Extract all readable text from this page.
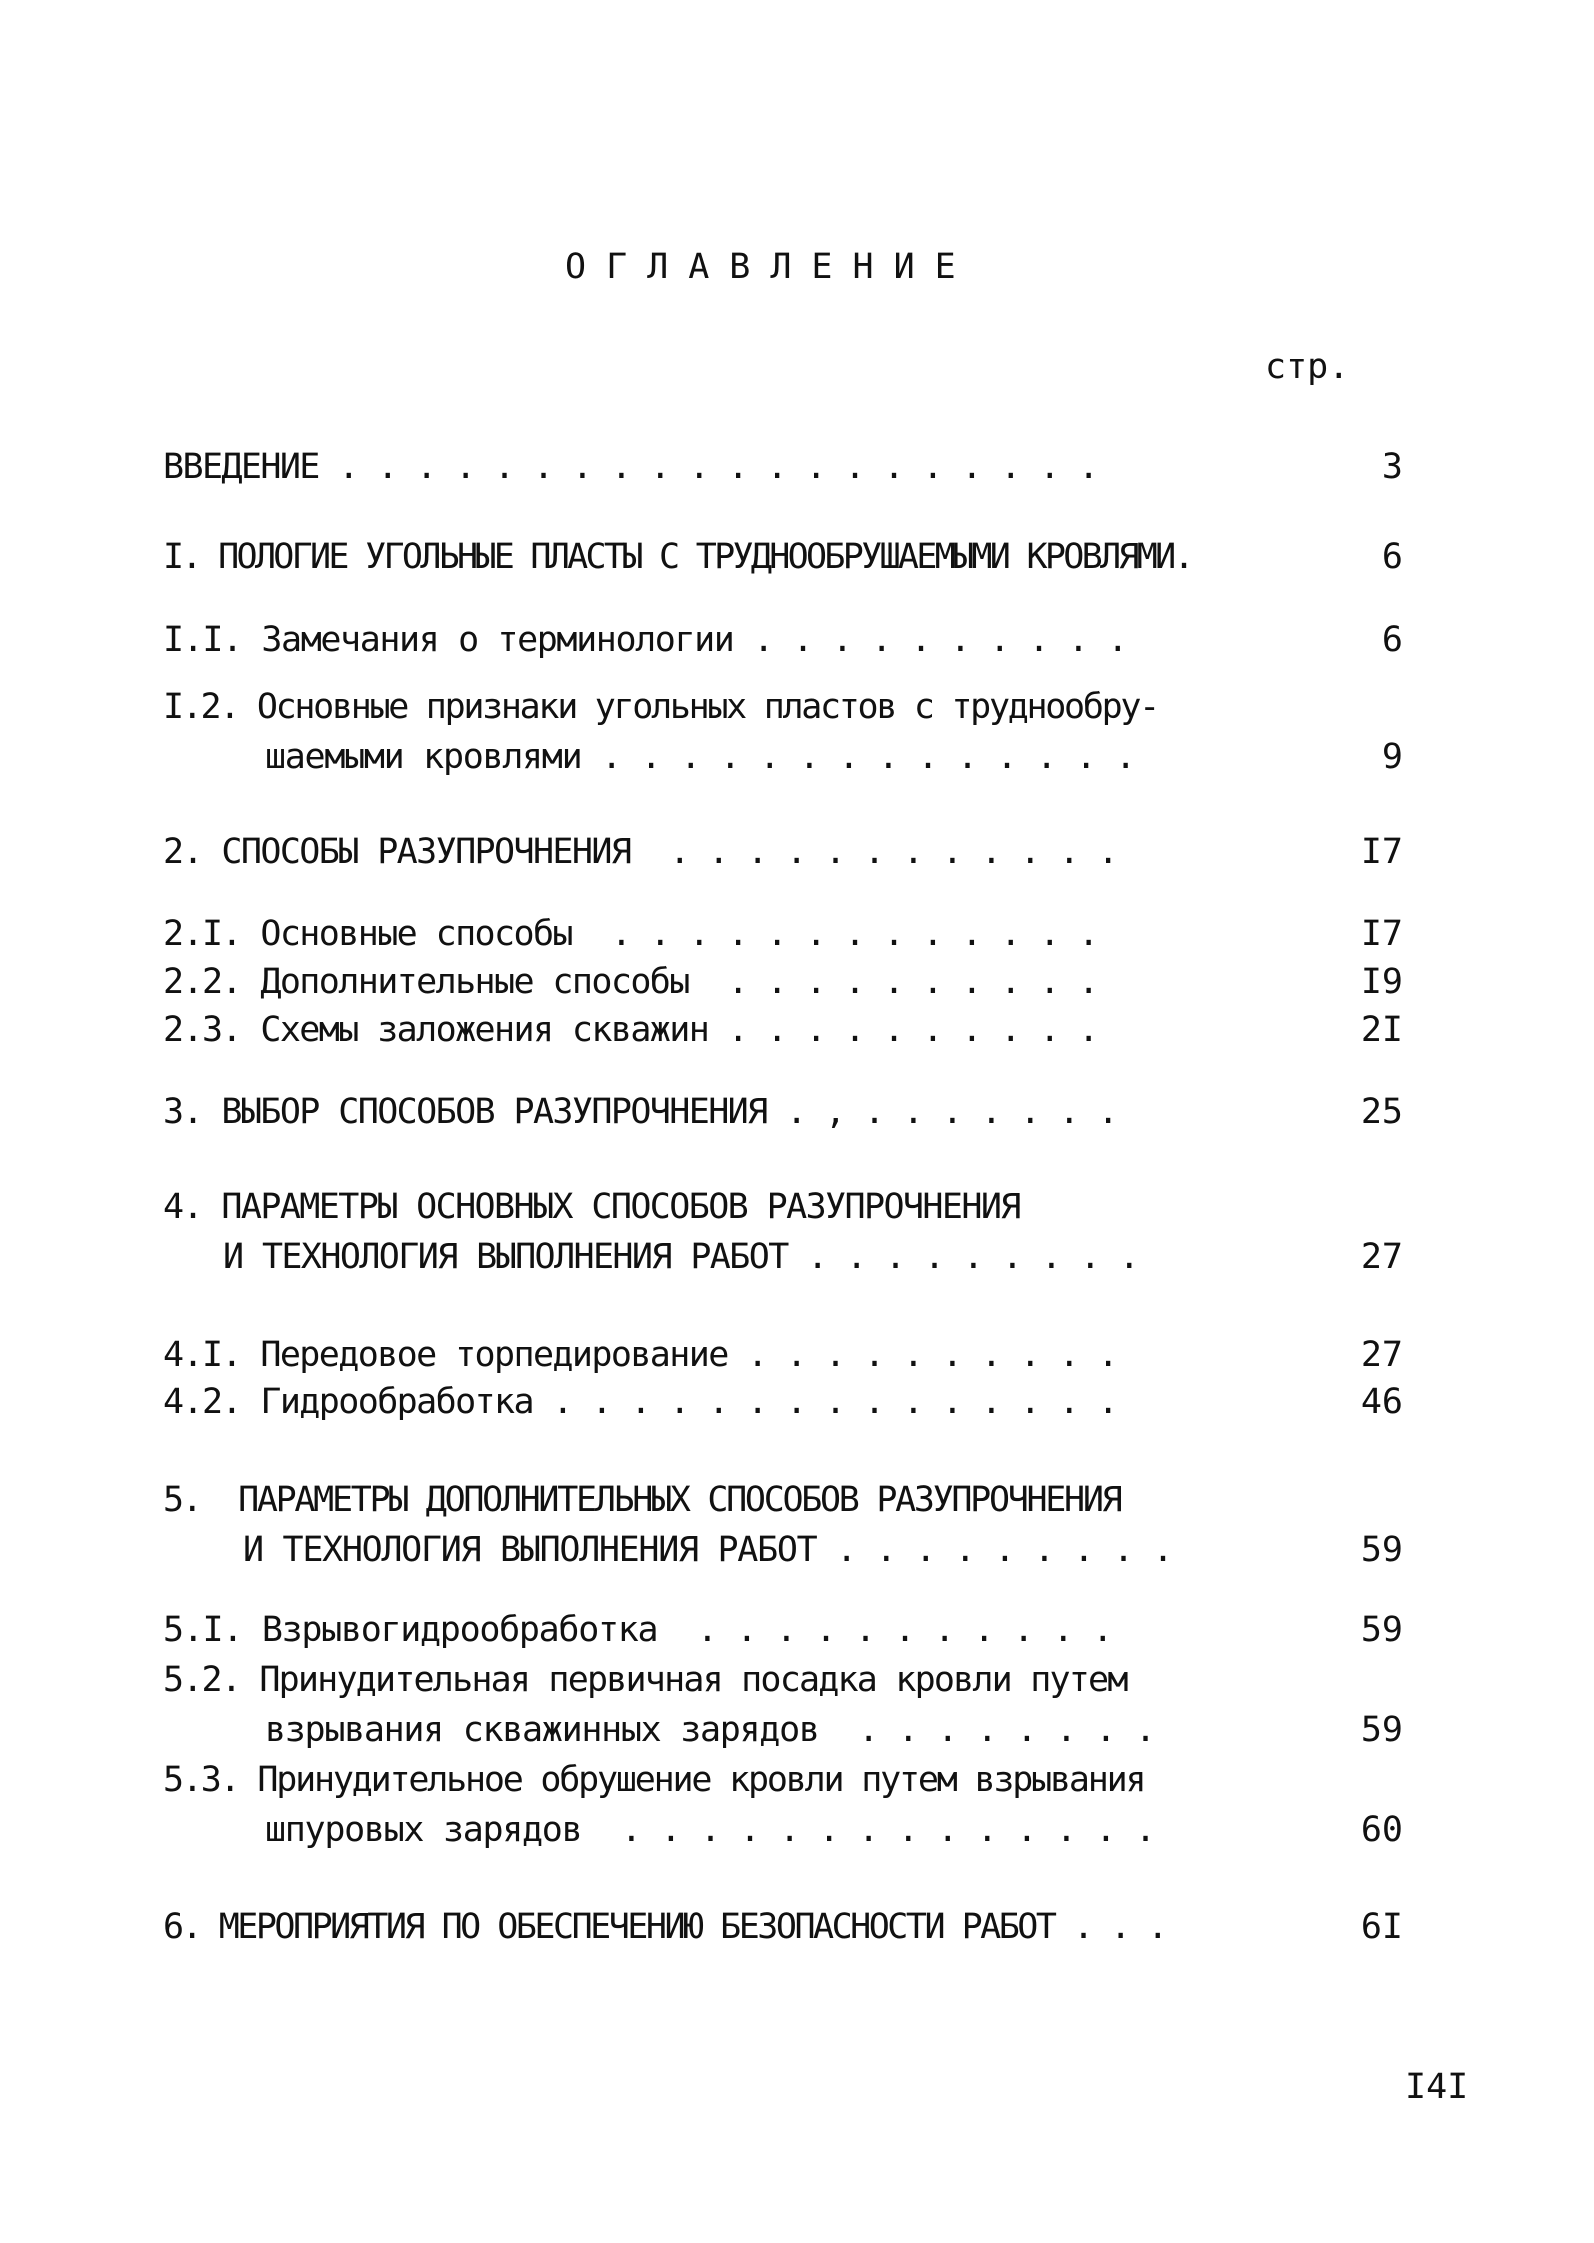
ОГЛАВЛЕНИЕ
стр.
ВВЕДЕНИЕ . . . . . . . . . . . . . . . . . . . .	3
I. ПОЛОГИЕ УГОЛЬНЫЕ ПЛАСТЫ С ТРУДНООБРУШАЕМЫМИ КРОВЛЯМИ.	6
I.I. Замечания о терминологии . . . . . . . . . .	6
I.2. Основные признаки угольных пластов с труднообру-
шаемыми кровлями . . . . . . . . . . . . . .	9
2. СПОСОБЫ РАЗУПРОЧНЕНИЯ  . . . . . . . . . . . .	I7
2.I. Основные способы  . . . . . . . . . . . . .	I7
2.2. Дополнительные способы  . . . . . . . . . .	I9
2.3. Схемы заложения скважин . . . . . . . . . .	2I
3. ВЫБОР СПОСОБОВ РАЗУПРОЧНЕНИЯ . , . . . . . . .	25
4. ПАРАМЕТРЫ ОСНОВНЫХ СПОСОБОВ РАЗУПРОЧНЕНИЯ
И ТЕХНОЛОГИЯ ВЫПОЛНЕНИЯ РАБОТ . . . . . . . . .	27
4.I. Передовое торпедирование . . . . . . . . . .	27
4.2. Гидрообработка . . . . . . . . . . . . . . .	46
5.  ПАРАМЕТРЫ ДОПОЛНИТЕЛЬНЫХ СПОСОБОВ РАЗУПРОЧНЕНИЯ
И ТЕХНОЛОГИЯ ВЫПОЛНЕНИЯ РАБОТ . . . . . . . . .	59
5.I. Взрывогидрообработка  . . . . . . . . . . .	59
5.2. Принудительная первичная посадка кровли путем
взрывания скважинных зарядов  . . . . . . . .	59
5.3. Принудительное обрушение кровли путем взрывания
шпуровых зарядов  . . . . . . . . . . . . . .	60
6. МЕРОПРИЯТИЯ ПО ОБЕСПЕЧЕНИЮ БЕЗОПАСНОСТИ РАБОТ . . .	6I
I4I
